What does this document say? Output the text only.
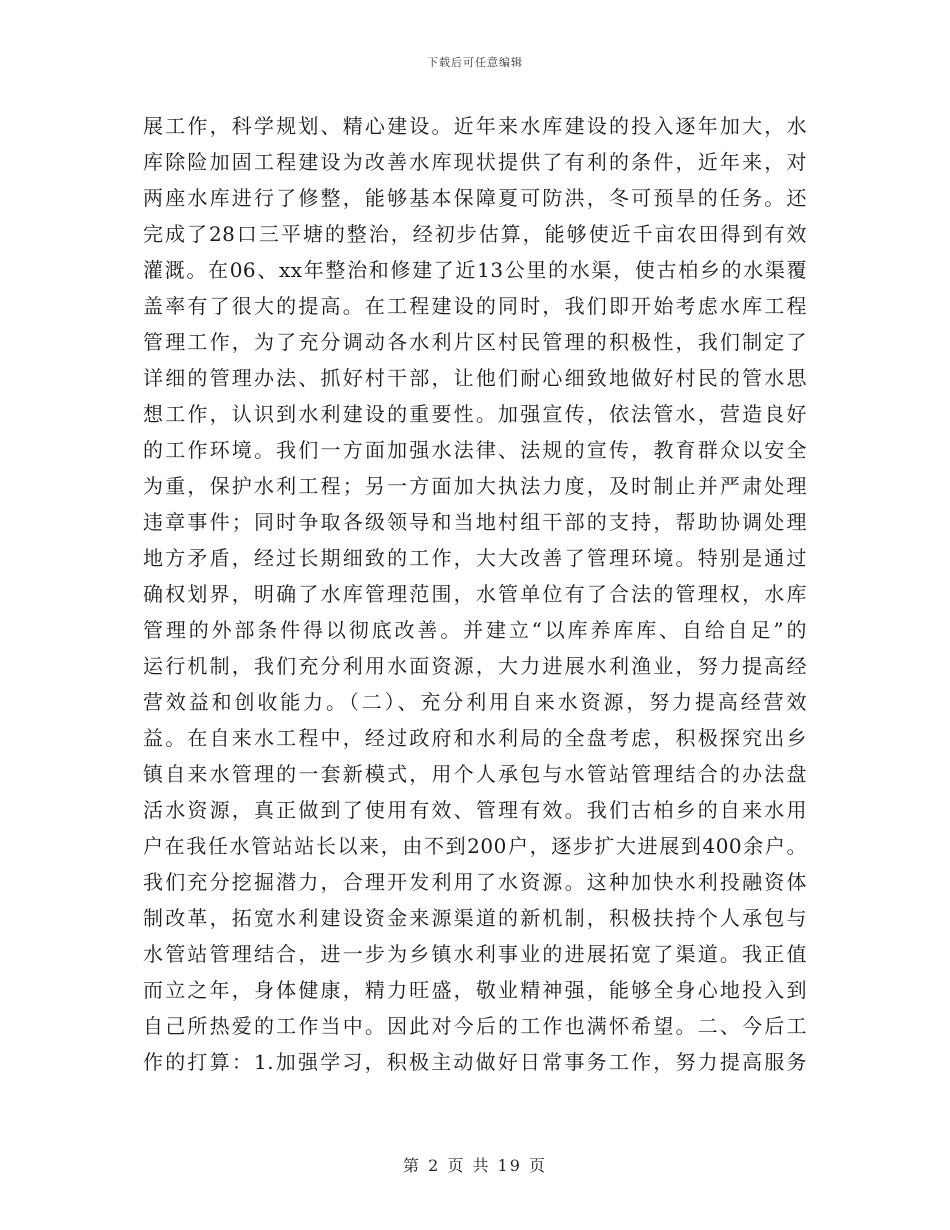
下载后可任意编辑
展工作，科学规划、精心建设。近年来水库建设的投入逐年加大，水
库除险加固工程建设为改善水库现状提供了有利的条件，近年来，对
两座水库进行了修整，能够基本保障夏可防洪，冬可预旱的任务。还
完成了28口三平塘的整治，经初步估算，能够使近千亩农田得到有效
灌溉。在06、xx年整治和修建了近13公里的水渠，使古柏乡的水渠覆
盖率有了很大的提高。在工程建设的同时，我们即开始考虑水库工程
管理工作，为了充分调动各水利片区村民管理的积极性，我们制定了
详细的管理办法、抓好村干部，让他们耐心细致地做好村民的管水思
想工作，认识到水利建设的重要性。加强宣传，依法管水，营造良好
的工作环境。我们一方面加强水法律、法规的宣传，教育群众以安全
为重，保护水利工程；另一方面加大执法力度，及时制止并严肃处理
违章事件；同时争取各级领导和当地村组干部的支持，帮助协调处理
地方矛盾，经过长期细致的工作，大大改善了管理环境。特别是通过
确权划界，明确了水库管理范围，水管单位有了合法的管理权，水库
管理的外部条件得以彻底改善。并建立“以库养库库、自给自足”的
运行机制，我们充分利用水面资源，大力进展水利渔业，努力提高经
营效益和创收能力。（二）、充分利用自来水资源，努力提高经营效
益。在自来水工程中，经过政府和水利局的全盘考虑，积极探究出乡
镇自来水管理的一套新模式，用个人承包与水管站管理结合的办法盘
活水资源，真正做到了使用有效、管理有效。我们古柏乡的自来水用
户在我任水管站站长以来，由不到200户，逐步扩大进展到400余户。
我们充分挖掘潜力，合理开发利用了水资源。这种加快水利投融资体
制改革，拓宽水利建设资金来源渠道的新机制，积极扶持个人承包与
水管站管理结合，进一步为乡镇水利事业的进展拓宽了渠道。我正值
而立之年，身体健康，精力旺盛，敬业精神强，能够全身心地投入到
自己所热爱的工作当中。因此对今后的工作也满怀希望。二、今后工
作的打算：1.加强学习，积极主动做好日常事务工作，努力提高服务
第 2 页 共 19 页
